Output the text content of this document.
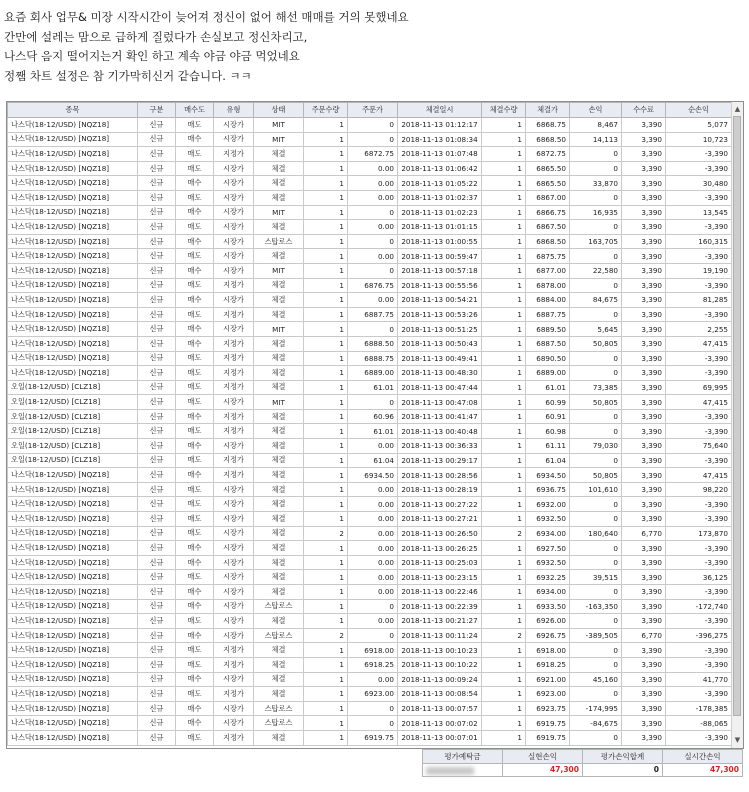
요즘 회사 업무& 미장 시작시간이 늦어져 정신이 없어 해선 매매를 거의 못했네요
간만에 설레는 맘으로 급하게 질렀다가 손실보고 정신차리고,
나스닥 음지 떨어지는거 확인 하고 계속 야금 야금 먹었네요
정쨈 차트 설정은 참 기가막히신거 같습니다. ㅋㅋ
종목	구분	매수도	유형	상태	주문수량	주문가	체결일시	체결수량	체결가	손익	수수료	순손익
나스닥(18-12/USD) [NQZ18]	신규	매도	시장가	MIT	1	0	2018-11-13 01:12:17	1	6868.75	8,467	3,390	5,077
나스닥(18-12/USD) [NQZ18]	신규	매수	시장가	MIT	1	0	2018-11-13 01:08:34	1	6868.50	14,113	3,390	10,723
나스닥(18-12/USD) [NQZ18]	신규	매도	지정가	체결	1	6872.75	2018-11-13 01:07:48	1	6872.75	0	3,390	-3,390
나스닥(18-12/USD) [NQZ18]	신규	매도	시장가	체결	1	0.00	2018-11-13 01:06:42	1	6865.50	0	3,390	-3,390
나스닥(18-12/USD) [NQZ18]	신규	매수	시장가	체결	1	0.00	2018-11-13 01:05:22	1	6865.50	33,870	3,390	30,480
나스닥(18-12/USD) [NQZ18]	신규	매도	시장가	체결	1	0.00	2018-11-13 01:02:37	1	6867.00	0	3,390	-3,390
나스닥(18-12/USD) [NQZ18]	신규	매수	시장가	MIT	1	0	2018-11-13 01:02:23	1	6866.75	16,935	3,390	13,545
나스닥(18-12/USD) [NQZ18]	신규	매도	시장가	체결	1	0.00	2018-11-13 01:01:15	1	6867.50	0	3,390	-3,390
나스닥(18-12/USD) [NQZ18]	신규	매수	시장가	스탑로스	1	0	2018-11-13 01:00:55	1	6868.50	163,705	3,390	160,315
나스닥(18-12/USD) [NQZ18]	신규	매도	시장가	체결	1	0.00	2018-11-13 00:59:47	1	6875.75	0	3,390	-3,390
나스닥(18-12/USD) [NQZ18]	신규	매수	시장가	MIT	1	0	2018-11-13 00:57:18	1	6877.00	22,580	3,390	19,190
나스닥(18-12/USD) [NQZ18]	신규	매도	지정가	체결	1	6876.75	2018-11-13 00:55:56	1	6878.00	0	3,390	-3,390
나스닥(18-12/USD) [NQZ18]	신규	매수	시장가	체결	1	0.00	2018-11-13 00:54:21	1	6884.00	84,675	3,390	81,285
나스닥(18-12/USD) [NQZ18]	신규	매도	지정가	체결	1	6887.75	2018-11-13 00:53:26	1	6887.75	0	3,390	-3,390
나스닥(18-12/USD) [NQZ18]	신규	매수	시장가	MIT	1	0	2018-11-13 00:51:25	1	6889.50	5,645	3,390	2,255
나스닥(18-12/USD) [NQZ18]	신규	매수	지정가	체결	1	6888.50	2018-11-13 00:50:43	1	6887.50	50,805	3,390	47,415
나스닥(18-12/USD) [NQZ18]	신규	매도	지정가	체결	1	6888.75	2018-11-13 00:49:41	1	6890.50	0	3,390	-3,390
나스닥(18-12/USD) [NQZ18]	신규	매도	지정가	체결	1	6889.00	2018-11-13 00:48:30	1	6889.00	0	3,390	-3,390
오일(18-12/USD) [CLZ18]	신규	매도	지정가	체결	1	61.01	2018-11-13 00:47:44	1	61.01	73,385	3,390	69,995
오일(18-12/USD) [CLZ18]	신규	매도	시장가	MIT	1	0	2018-11-13 00:47:08	1	60.99	50,805	3,390	47,415
오일(18-12/USD) [CLZ18]	신규	매수	지정가	체결	1	60.96	2018-11-13 00:41:47	1	60.91	0	3,390	-3,390
오일(18-12/USD) [CLZ18]	신규	매도	지정가	체결	1	61.01	2018-11-13 00:40:48	1	60.98	0	3,390	-3,390
오일(18-12/USD) [CLZ18]	신규	매수	시장가	체결	1	0.00	2018-11-13 00:36:33	1	61.11	79,030	3,390	75,640
오일(18-12/USD) [CLZ18]	신규	매도	지정가	체결	1	61.04	2018-11-13 00:29:17	1	61.04	0	3,390	-3,390
나스닥(18-12/USD) [NQZ18]	신규	매수	지정가	체결	1	6934.50	2018-11-13 00:28:56	1	6934.50	50,805	3,390	47,415
나스닥(18-12/USD) [NQZ18]	신규	매도	시장가	체결	1	0.00	2018-11-13 00:28:19	1	6936.75	101,610	3,390	98,220
나스닥(18-12/USD) [NQZ18]	신규	매도	시장가	체결	1	0.00	2018-11-13 00:27:22	1	6932.00	0	3,390	-3,390
나스닥(18-12/USD) [NQZ18]	신규	매도	시장가	체결	1	0.00	2018-11-13 00:27:21	1	6932.50	0	3,390	-3,390
나스닥(18-12/USD) [NQZ18]	신규	매도	시장가	체결	2	0.00	2018-11-13 00:26:50	2	6934.00	180,640	6,770	173,870
나스닥(18-12/USD) [NQZ18]	신규	매수	시장가	체결	1	0.00	2018-11-13 00:26:25	1	6927.50	0	3,390	-3,390
나스닥(18-12/USD) [NQZ18]	신규	매수	시장가	체결	1	0.00	2018-11-13 00:25:03	1	6932.50	0	3,390	-3,390
나스닥(18-12/USD) [NQZ18]	신규	매도	시장가	체결	1	0.00	2018-11-13 00:23:15	1	6932.25	39,515	3,390	36,125
나스닥(18-12/USD) [NQZ18]	신규	매수	시장가	체결	1	0.00	2018-11-13 00:22:46	1	6934.00	0	3,390	-3,390
나스닥(18-12/USD) [NQZ18]	신규	매수	시장가	스탑로스	1	0	2018-11-13 00:22:39	1	6933.50	-163,350	3,390	-172,740
나스닥(18-12/USD) [NQZ18]	신규	매도	시장가	체결	1	0.00	2018-11-13 00:21:27	1	6926.00	0	3,390	-3,390
나스닥(18-12/USD) [NQZ18]	신규	매수	시장가	스탑로스	2	0	2018-11-13 00:11:24	2	6926.75	-389,505	6,770	-396,275
나스닥(18-12/USD) [NQZ18]	신규	매도	지정가	체결	1	6918.00	2018-11-13 00:10:23	1	6918.00	0	3,390	-3,390
나스닥(18-12/USD) [NQZ18]	신규	매도	지정가	체결	1	6918.25	2018-11-13 00:10:22	1	6918.25	0	3,390	-3,390
나스닥(18-12/USD) [NQZ18]	신규	매수	시장가	체결	1	0.00	2018-11-13 00:09:24	1	6921.00	45,160	3,390	41,770
나스닥(18-12/USD) [NQZ18]	신규	매도	지정가	체결	1	6923.00	2018-11-13 00:08:54	1	6923.00	0	3,390	-3,390
나스닥(18-12/USD) [NQZ18]	신규	매수	시장가	스탑로스	1	0	2018-11-13 00:07:57	1	6923.75	-174,995	3,390	-178,385
나스닥(18-12/USD) [NQZ18]	신규	매수	시장가	스탑로스	1	0	2018-11-13 00:07:02	1	6919.75	-84,675	3,390	-88,065
나스닥(18-12/USD) [NQZ18]	신규	매도	지정가	체결	1	6919.75	2018-11-13 00:07:01	1	6919.75	0	3,390	-3,390
▲
▼
평가예탁금	실현손익	평가손익합계	실시간손익

	47,300	0	47,300
